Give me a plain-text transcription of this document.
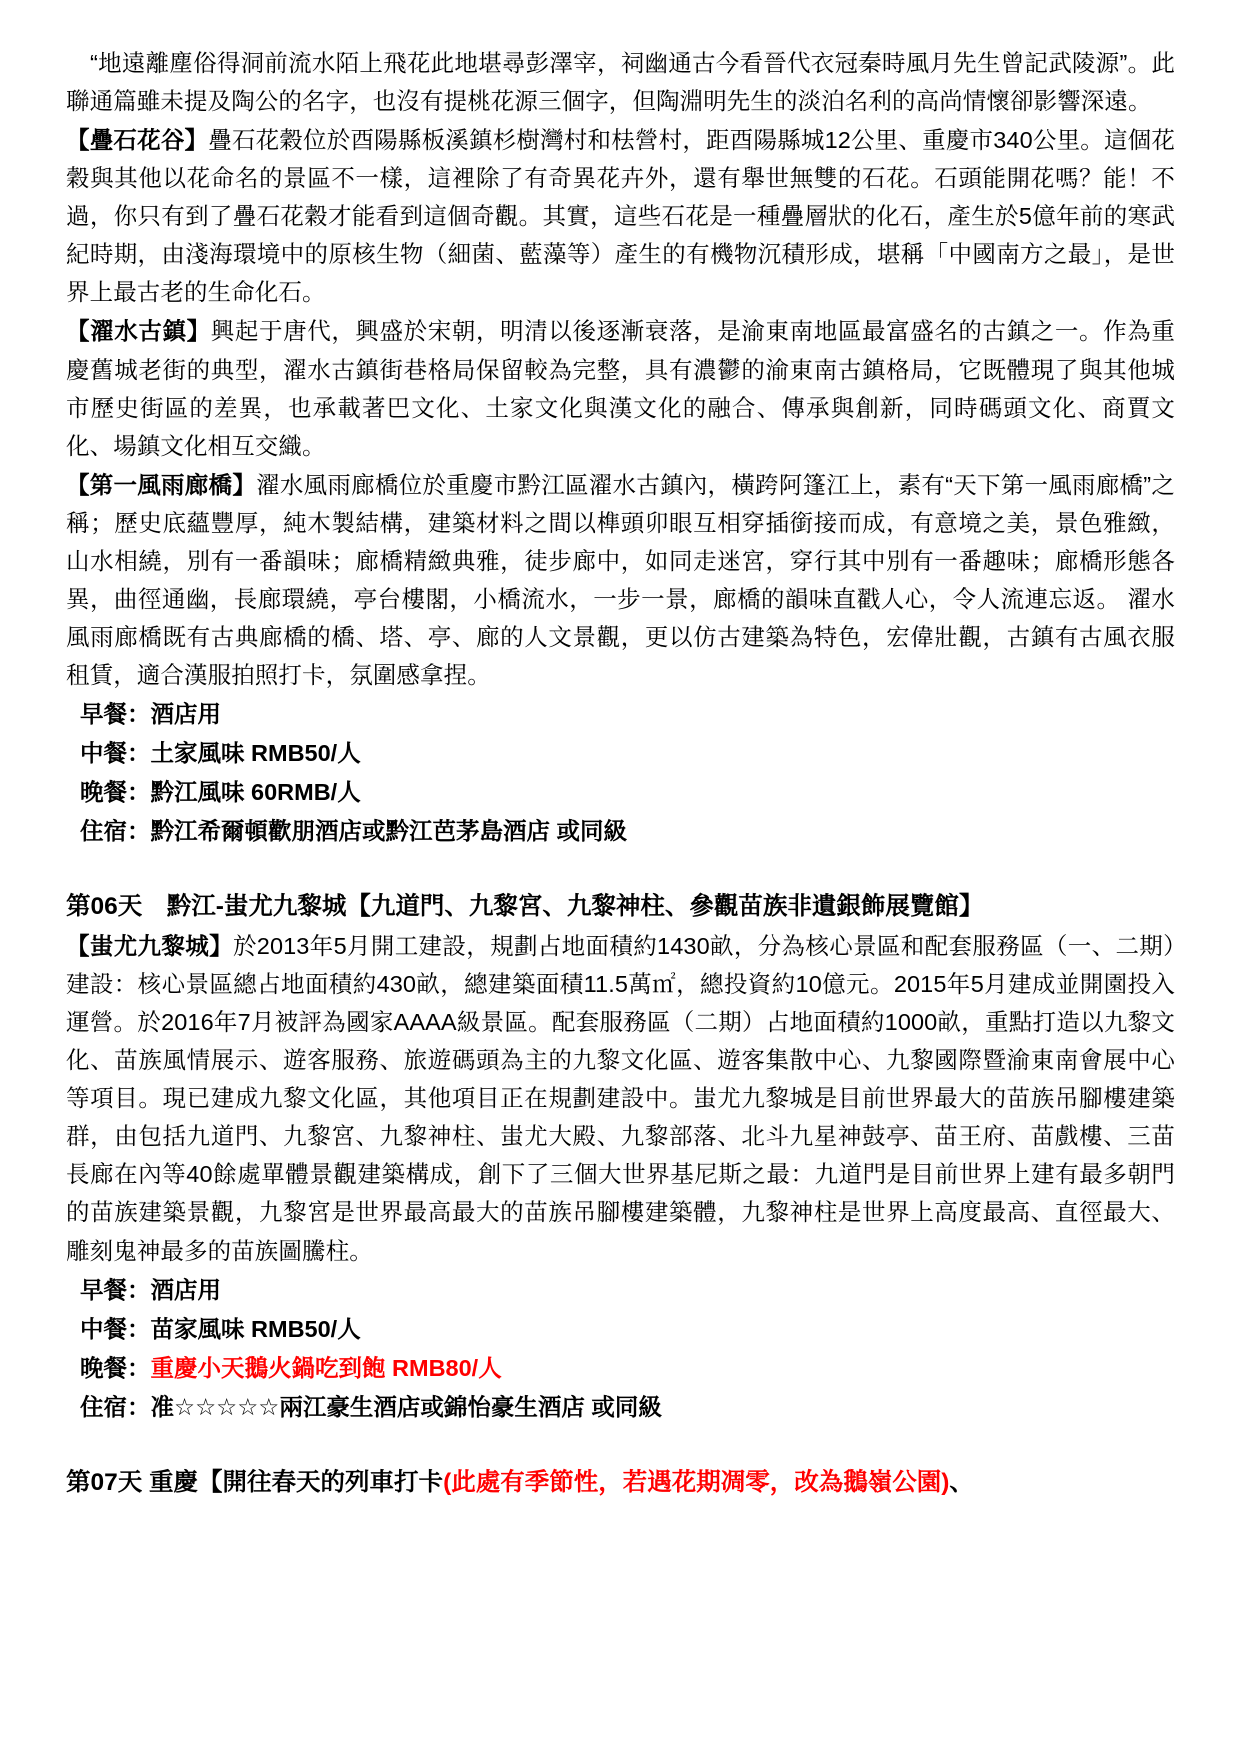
“地遠離塵俗得洞前流水陌上飛花此地堪尋彭澤宰，祠幽通古今看晉代衣冠秦時風月先生曾記武陵源”。此聯通篇雖未提及陶公的名字，也沒有提桃花源三個字，但陶淵明先生的淡泊名利的高尚情懷卻影響深遠。

【疊石花谷】疊石花穀位於酉陽縣板溪鎮杉樹灣村和㭕營村，距酉陽縣城12公里、重慶市340公里。這個花穀與其他以花命名的景區不一樣，這裡除了有奇異花卉外，還有舉世無雙的石花。石頭能開花嗎？能！不過，你只有到了疊石花穀才能看到這個奇觀。其實，這些石花是一種疊層狀的化石，產生於5億年前的寒武紀時期，由淺海環境中的原核生物（細菌、藍藻等）產生的有機物沉積形成，堪稱「中國南方之最」，是世界上最古老的生命化石。

【濯水古鎮】興起于唐代，興盛於宋朝，明清以後逐漸衰落，是渝東南地區最富盛名的古鎮之一。作為重慶舊城老街的典型，濯水古鎮街巷格局保留較為完整，具有濃鬱的渝東南古鎮格局，它既體現了與其他城市歷史街區的差異，也承載著巴文化、土家文化與漢文化的融合、傳承與創新，同時碼頭文化、商賈文化、場鎮文化相互交織。

【第一風雨廊橋】濯水風雨廊橋位於重慶市黔江區濯水古鎮內，橫跨阿篷江上，素有“天下第一風雨廊橋”之稱；歷史底蘊豐厚，純木製結構，建築材料之間以榫頭卯眼互相穿插銜接而成，有意境之美，景色雅緻，山水相繞，別有一番韻味；廊橋精緻典雅，徒步廊中，如同走迷宮，穿行其中別有一番趣味；廊橋形態各異，曲徑通幽，長廊環繞，亭台樓閣，小橋流水，一步一景，廊橋的韻味直戳人心，令人流連忘返。 濯水風雨廊橋既有古典廊橋的橋、塔、亭、廊的人文景觀，更以仿古建築為特色，宏偉壯觀，古鎮有古風衣服租賃，適合漢服拍照打卡，氛圍感拿捏。

早餐：酒店用

中餐：土家風味 RMB50/人

晚餐：黔江風味 60RMB/人

住宿：黔江希爾頓歡朋酒店或黔江芭茅島酒店 或同級

第06天　黔江-蚩尤九黎城【九道門、九黎宮、九黎神柱、參觀苗族非遺銀飾展覽館】

【蚩尤九黎城】於2013年5月開工建設，規劃占地面積約1430畝，分為核心景區和配套服務區（一、二期）建設：核心景區總占地面積約430畝，總建築面積11.5萬㎡，總投資約10億元。2015年5月建成並開園投入運營。於2016年7月被評為國家AAAA級景區。配套服務區（二期）占地面積約1000畝，重點打造以九黎文化、苗族風情展示、遊客服務、旅遊碼頭為主的九黎文化區、遊客集散中心、九黎國際暨渝東南會展中心等項目。現已建成九黎文化區，其他項目正在規劃建設中。蚩尤九黎城是目前世界最大的苗族吊腳樓建築群，由包括九道門、九黎宮、九黎神柱、蚩尤大殿、九黎部落、北斗九星神鼓亭、苗王府、苗戲樓、三苗長廊在內等40餘處單體景觀建築構成，創下了三個大世界基尼斯之最：九道門是目前世界上建有最多朝門的苗族建築景觀，九黎宮是世界最高最大的苗族吊腳樓建築體，九黎神柱是世界上高度最高、直徑最大、雕刻鬼神最多的苗族圖騰柱。

早餐：酒店用

中餐：苗家風味 RMB50/人

晚餐：重慶小天鵝火鍋吃到飽 RMB80/人

住宿：准☆☆☆☆☆兩江豪生酒店或錦怡豪生酒店 或同級

第07天 重慶【開往春天的列車打卡(此處有季節性，若遇花期凋零，改為鵝嶺公園)、
